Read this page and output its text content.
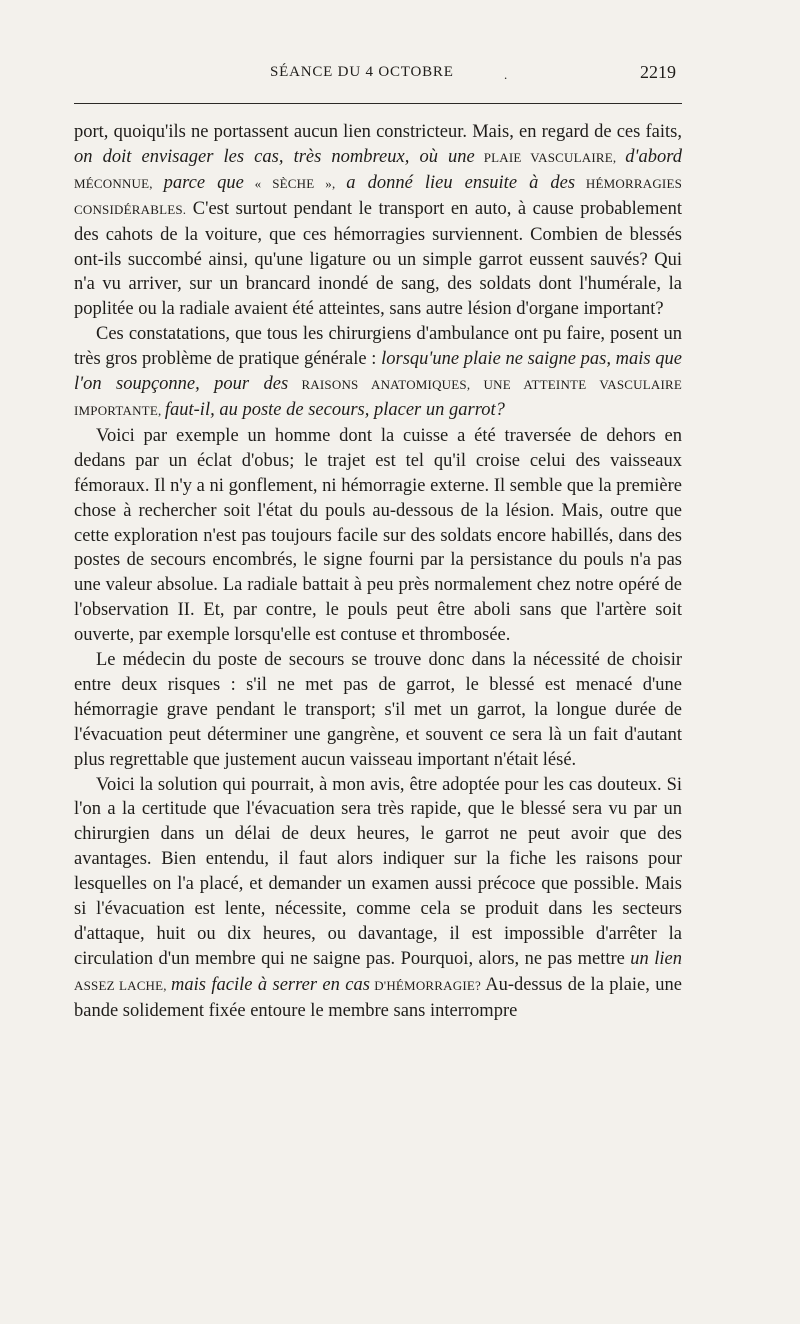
SÉANCE DU 4 OCTOBRE	.	2219

port, quoiqu'ils ne portassent aucun lien constricteur. Mais, en regard de ces faits, on doit envisager les cas, très nombreux, où une PLAIE VASCULAIRE, d'abord MÉCONNUE, parce que « SÈCHE », a donné lieu ensuite à des HÉMORRAGIES CONSIDÉRABLES. C'est surtout pendant le transport en auto, à cause probablement des cahots de la voiture, que ces hémorragies surviennent. Combien de blessés ont-ils succombé ainsi, qu'une ligature ou un simple garrot eussent sauvés? Qui n'a vu arriver, sur un brancard inondé de sang, des soldats dont l'humérale, la poplitée ou la radiale avaient été atteintes, sans autre lésion d'organe important?

Ces constatations, que tous les chirurgiens d'ambulance ont pu faire, posent un très gros problème de pratique générale : lorsqu'une plaie ne saigne pas, mais que l'on soupçonne, pour des RAISONS ANATOMIQUES, UNE ATTEINTE VASCULAIRE IMPORTANTE, faut-il, au poste de secours, placer un garrot?

Voici par exemple un homme dont la cuisse a été traversée de dehors en dedans par un éclat d'obus; le trajet est tel qu'il croise celui des vaisseaux fémoraux. Il n'y a ni gonflement, ni hémorragie externe. Il semble que la première chose à rechercher soit l'état du pouls au-dessous de la lésion. Mais, outre que cette exploration n'est pas toujours facile sur des soldats encore habillés, dans des postes de secours encombrés, le signe fourni par la persistance du pouls n'a pas une valeur absolue. La radiale battait à peu près normalement chez notre opéré de l'observation II. Et, par contre, le pouls peut être aboli sans que l'artère soit ouverte, par exemple lorsqu'elle est contuse et thrombosée.

Le médecin du poste de secours se trouve donc dans la nécessité de choisir entre deux risques : s'il ne met pas de garrot, le blessé est menacé d'une hémorragie grave pendant le transport; s'il met un garrot, la longue durée de l'évacuation peut déterminer une gangrène, et souvent ce sera là un fait d'autant plus regrettable que justement aucun vaisseau important n'était lésé.

Voici la solution qui pourrait, à mon avis, être adoptée pour les cas douteux. Si l'on a la certitude que l'évacuation sera très rapide, que le blessé sera vu par un chirurgien dans un délai de deux heures, le garrot ne peut avoir que des avantages. Bien entendu, il faut alors indiquer sur la fiche les raisons pour lesquelles on l'a placé, et demander un examen aussi précoce que possible. Mais si l'évacuation est lente, nécessite, comme cela se produit dans les secteurs d'attaque, huit ou dix heures, ou davantage, il est impossible d'arrêter la circulation d'un membre qui ne saigne pas. Pourquoi, alors, ne pas mettre un lien ASSEZ LACHE, mais facile à serrer en cas D'HÉMORRAGIE? Au-dessus de la plaie, une bande solidement fixée entoure le membre sans interrompre
